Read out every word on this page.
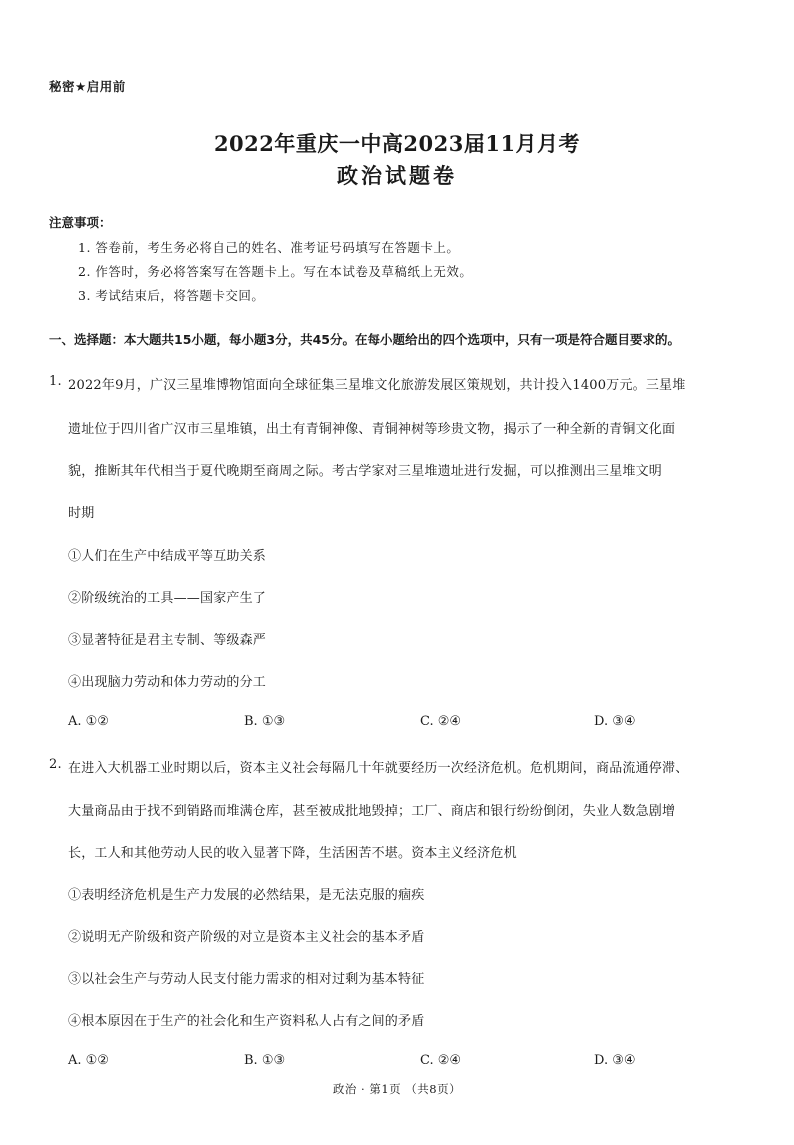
秘密★启用前
2022年重庆一中高2023届11月月考
政治试题卷
注意事项：
1. 答卷前，考生务必将自己的姓名、准考证号码填写在答题卡上。
2. 作答时，务必将答案写在答题卡上。写在本试卷及草稿纸上无效。
3. 考试结束后，将答题卡交回。
一、选择题：本大题共15小题，每小题3分，共45分。在每小题给出的四个选项中，只有一项是符合题目要求的。
1. 2022年9月，广汉三星堆博物馆面向全球征集三星堆文化旅游发展区策规划，共计投入1400万元。三星堆
遗址位于四川省广汉市三星堆镇，出土有青铜神像、青铜神树等珍贵文物，揭示了一种全新的青铜文化面
貌，推断其年代相当于夏代晚期至商周之际。考古学家对三星堆遗址进行发掘，可以推测出三星堆文明
时期
①人们在生产中结成平等互助关系
②阶级统治的工具——国家产生了
③显著特征是君主专制、等级森严
④出现脑力劳动和体力劳动的分工
A. ①②	B. ①③	C. ②④	D. ③④
2. 在进入大机器工业时期以后，资本主义社会每隔几十年就要经历一次经济危机。危机期间，商品流通停滞、
大量商品由于找不到销路而堆满仓库，甚至被成批地毁掉；工厂、商店和银行纷纷倒闭，失业人数急剧增
长，工人和其他劳动人民的收入显著下降，生活困苦不堪。资本主义经济危机
①表明经济危机是生产力发展的必然结果，是无法克服的痼疾
②说明无产阶级和资产阶级的对立是资本主义社会的基本矛盾
③以社会生产与劳动人民支付能力需求的相对过剩为基本特征
④根本原因在于生产的社会化和生产资料私人占有之间的矛盾
A. ①②	B. ①③	C. ②④	D. ③④
政治 · 第1页 （共8页）
